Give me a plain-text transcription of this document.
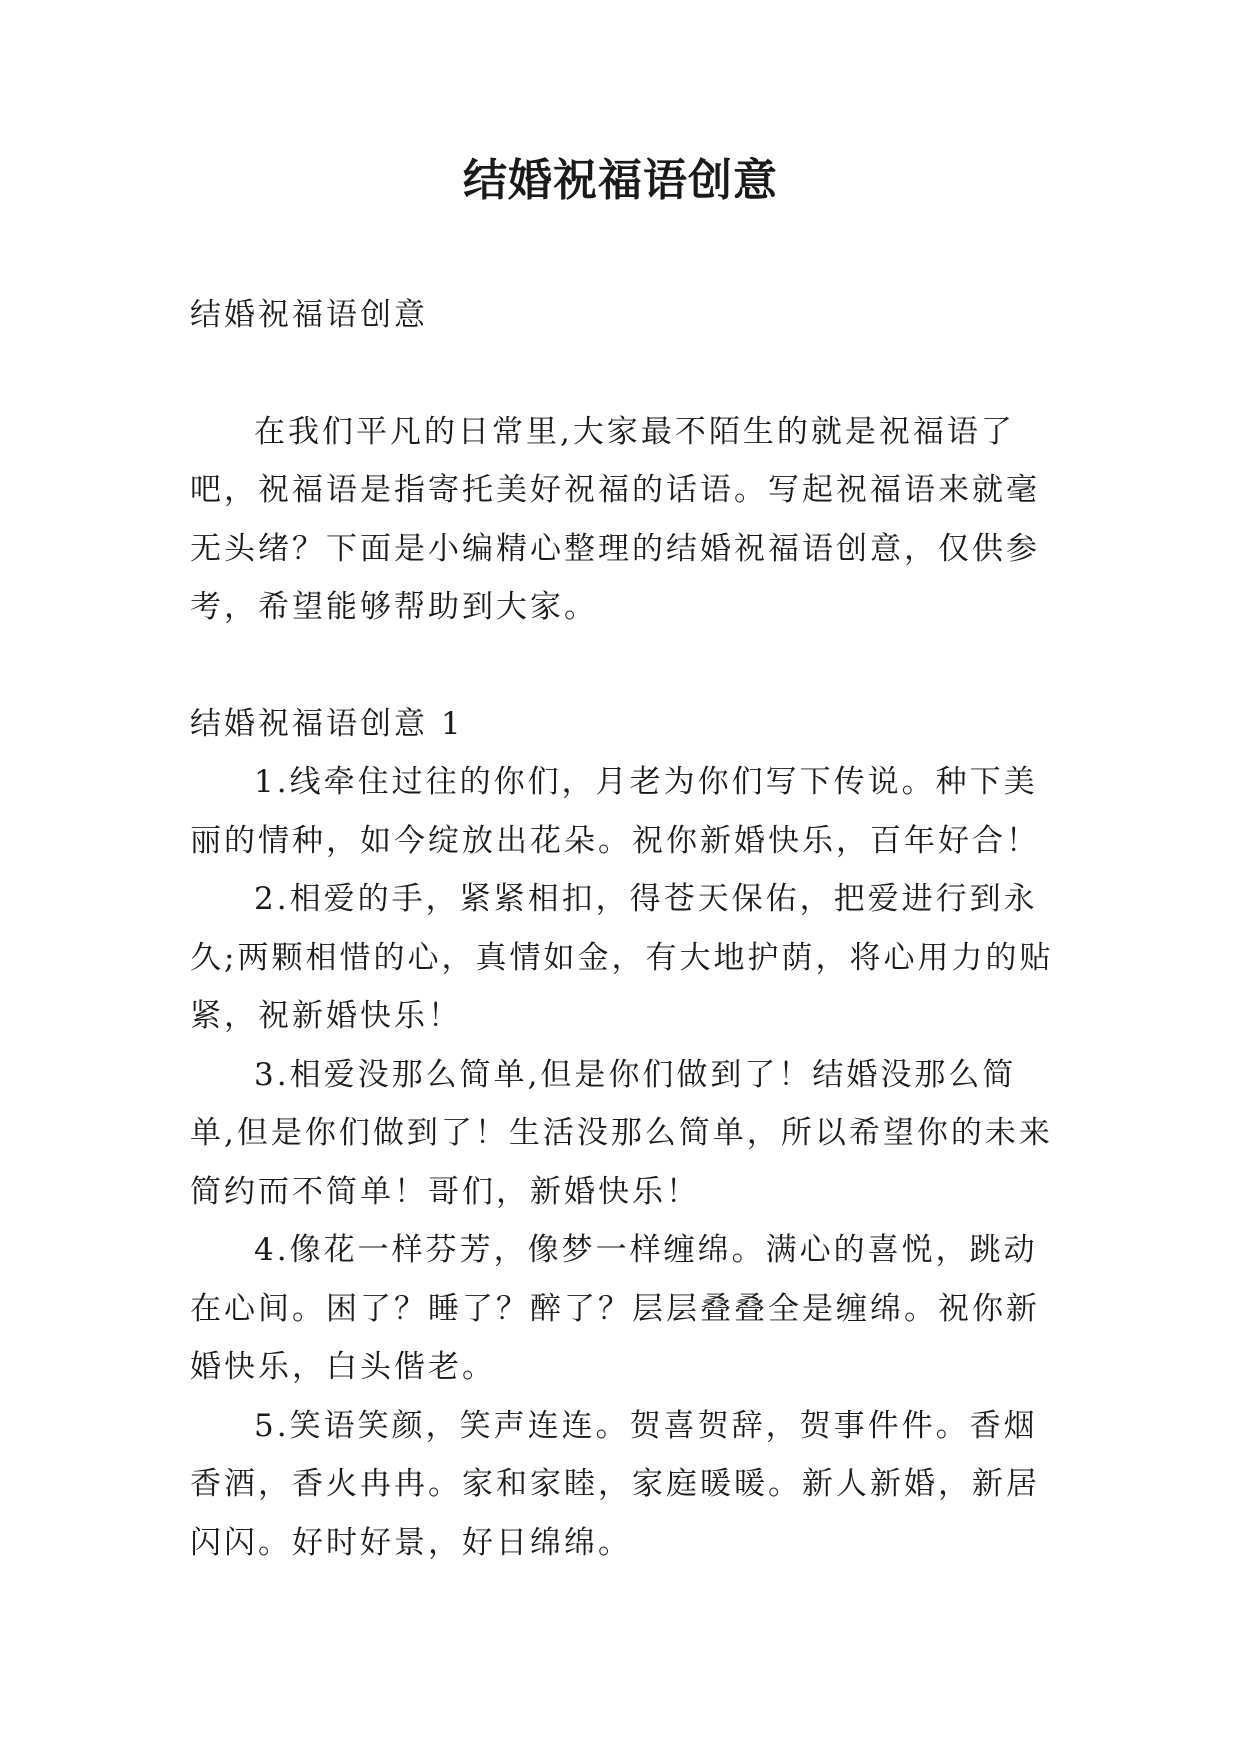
结婚祝福语创意

结婚祝福语创意

在我们平凡的日常里,大家最不陌生的就是祝福语了吧，祝福语是指寄托美好祝福的话语。写起祝福语来就毫无头绪？下面是小编精心整理的结婚祝福语创意，仅供参考，希望能够帮助到大家。

结婚祝福语创意 1

1.线牵住过往的你们，月老为你们写下传说。种下美丽的情种，如今绽放出花朵。祝你新婚快乐，百年好合！

2.相爱的手，紧紧相扣，得苍天保佑，把爱进行到永久;两颗相惜的心，真情如金，有大地护荫，将心用力的贴紧，祝新婚快乐！

3.相爱没那么简单,但是你们做到了！结婚没那么简单,但是你们做到了！生活没那么简单，所以希望你的未来简约而不简单！哥们，新婚快乐！

4.像花一样芬芳，像梦一样缠绵。满心的喜悦，跳动在心间。困了？睡了？醉了？层层叠叠全是缠绵。祝你新婚快乐，白头偕老。

5.笑语笑颜，笑声连连。贺喜贺辞，贺事件件。香烟香酒，香火冉冉。家和家睦，家庭暖暖。新人新婚，新居闪闪。好时好景，好日绵绵。
